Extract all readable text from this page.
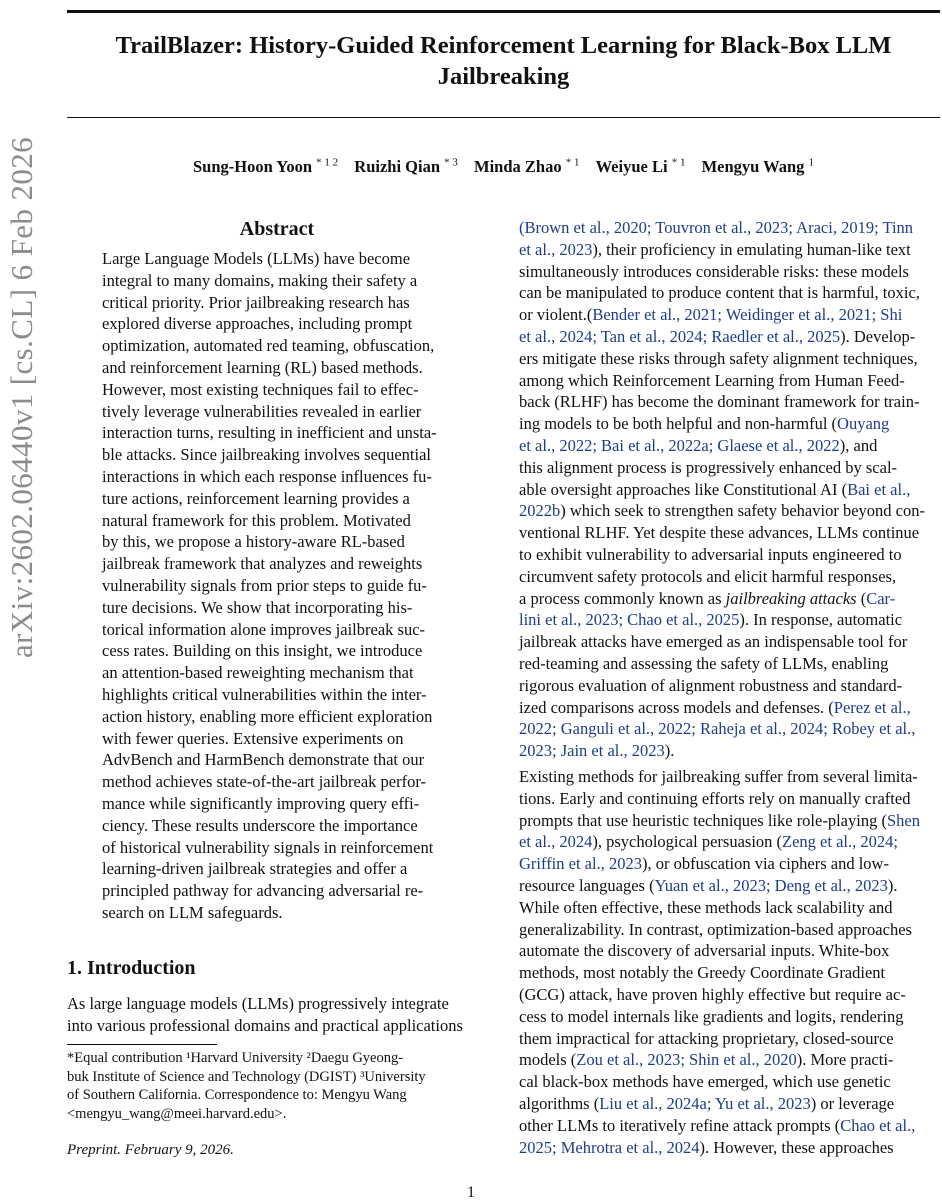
arXiv:2602.06440v1 [cs.CL] 6 Feb 2026
TrailBlazer: History-Guided Reinforcement Learning for Black-Box LLM
Jailbreaking
Sung-Hoon Yoon $^{* 1 2}$ Ruizhi Qian $^{* 3}$ Minda Zhao $^{* 1}$ Weiyue Li $^{* 1}$ Mengyu Wang $^1$
Abstract
Large Language Models (LLMs) have become
integral to many domains, making their safety a
critical priority. Prior jailbreaking research has
explored diverse approaches, including prompt
optimization, automated red teaming, obfuscation,
and reinforcement learning (RL) based methods.
However, most existing techniques fail to effec-
tively leverage vulnerabilities revealed in earlier
interaction turns, resulting in inefficient and unsta-
ble attacks. Since jailbreaking involves sequential
interactions in which each response influences fu-
ture actions, reinforcement learning provides a
natural framework for this problem. Motivated
by this, we propose a history-aware RL-based
jailbreak framework that analyzes and reweights
vulnerability signals from prior steps to guide fu-
ture decisions. We show that incorporating his-
torical information alone improves jailbreak suc-
cess rates. Building on this insight, we introduce
an attention-based reweighting mechanism that
highlights critical vulnerabilities within the inter-
action history, enabling more efficient exploration
with fewer queries. Extensive experiments on
AdvBench and HarmBench demonstrate that our
method achieves state-of-the-art jailbreak perfor-
mance while significantly improving query effi-
ciency. These results underscore the importance
of historical vulnerability signals in reinforcement
learning-driven jailbreak strategies and offer a
principled pathway for advancing adversarial re-
search on LLM safeguards.
1. Introduction
As large language models (LLMs) progressively integrate
into various professional domains and practical applications
*Equal contribution ¹Harvard University ²Daegu Gyeong-
buk Institute of Science and Technology (DGIST) ³University
of Southern California. Correspondence to: Mengyu Wang
<mengyu_wang@meei.harvard.edu>.
Preprint. February 9, 2026.
(Brown et al., 2020; Touvron et al., 2023; Araci, 2019; Tinn
et al., 2023), their proficiency in emulating human-like text
simultaneously introduces considerable risks: these models
can be manipulated to produce content that is harmful, toxic,
or violent.(Bender et al., 2021; Weidinger et al., 2021; Shi
et al., 2024; Tan et al., 2024; Raedler et al., 2025). Develop-
ers mitigate these risks through safety alignment techniques,
among which Reinforcement Learning from Human Feed-
back (RLHF) has become the dominant framework for train-
ing models to be both helpful and non-harmful (Ouyang
et al., 2022; Bai et al., 2022a; Glaese et al., 2022), and
this alignment process is progressively enhanced by scal-
able oversight approaches like Constitutional AI (Bai et al.,
2022b) which seek to strengthen safety behavior beyond con-
ventional RLHF. Yet despite these advances, LLMs continue
to exhibit vulnerability to adversarial inputs engineered to
circumvent safety protocols and elicit harmful responses,
a process commonly known as jailbreaking attacks (Car-
lini et al., 2023; Chao et al., 2025). In response, automatic
jailbreak attacks have emerged as an indispensable tool for
red-teaming and assessing the safety of LLMs, enabling
rigorous evaluation of alignment robustness and standard-
ized comparisons across models and defenses. (Perez et al.,
2022; Ganguli et al., 2022; Raheja et al., 2024; Robey et al.,
2023; Jain et al., 2023).
Existing methods for jailbreaking suffer from several limita-
tions. Early and continuing efforts rely on manually crafted
prompts that use heuristic techniques like role-playing (Shen
et al., 2024), psychological persuasion (Zeng et al., 2024;
Griffin et al., 2023), or obfuscation via ciphers and low-
resource languages (Yuan et al., 2023; Deng et al., 2023).
While often effective, these methods lack scalability and
generalizability. In contrast, optimization-based approaches
automate the discovery of adversarial inputs. White-box
methods, most notably the Greedy Coordinate Gradient
(GCG) attack, have proven highly effective but require ac-
cess to model internals like gradients and logits, rendering
them impractical for attacking proprietary, closed-source
models (Zou et al., 2023; Shin et al., 2020). More practi-
cal black-box methods have emerged, which use genetic
algorithms (Liu et al., 2024a; Yu et al., 2023) or leverage
other LLMs to iteratively refine attack prompts (Chao et al.,
2025; Mehrotra et al., 2024). However, these approaches
1
